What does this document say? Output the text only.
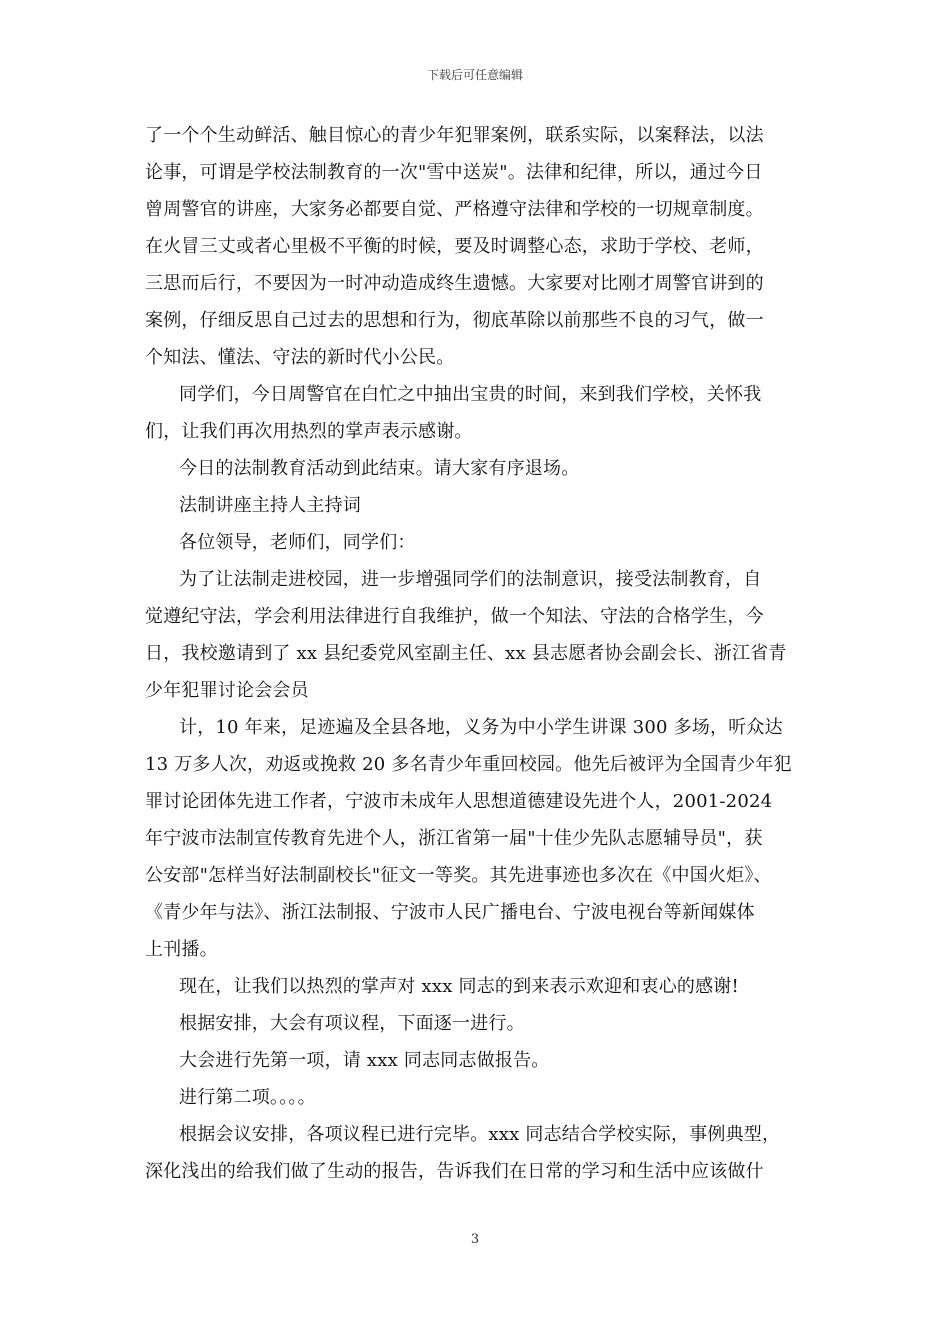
下载后可任意编辑
了一个个生动鲜活、触目惊心的青少年犯罪案例，联系实际，以案释法，以法
论事，可谓是学校法制教育的一次"雪中送炭"。法律和纪律，所以，通过今日
曾周警官的讲座，大家务必都要自觉、严格遵守法律和学校的一切规章制度。
在火冒三丈或者心里极不平衡的时候，要及时调整心态，求助于学校、老师，
三思而后行，不要因为一时冲动造成终生遗憾。大家要对比刚才周警官讲到的
案例，仔细反思自己过去的思想和行为，彻底革除以前那些不良的习气，做一
个知法、懂法、守法的新时代小公民。
同学们，今日周警官在白忙之中抽出宝贵的时间，来到我们学校，关怀我
们，让我们再次用热烈的掌声表示感谢。
今日的法制教育活动到此结束。请大家有序退场。
法制讲座主持人主持词
各位领导，老师们，同学们：
为了让法制走进校园，进一步增强同学们的法制意识，接受法制教育，自
觉遵纪守法，学会利用法律进行自我维护，做一个知法、守法的合格学生，今
日，我校邀请到了 xx 县纪委党风室副主任、xx 县志愿者协会副会长、浙江省青
少年犯罪讨论会会员
计，10 年来，足迹遍及全县各地，义务为中小学生讲课 300 多场，听众达
13 万多人次，劝返或挽救 20 多名青少年重回校园。他先后被评为全国青少年犯
罪讨论团体先进工作者，宁波市未成年人思想道德建设先进个人，2001-2024
年宁波市法制宣传教育先进个人，浙江省第一届"十佳少先队志愿辅导员"，获
公安部"怎样当好法制副校长"征文一等奖。其先进事迹也多次在《中国火炬》、
《青少年与法》、浙江法制报、宁波市人民广播电台、宁波电视台等新闻媒体
上刊播。
现在，让我们以热烈的掌声对 xxx 同志的到来表示欢迎和衷心的感谢!
根据安排，大会有项议程，下面逐一进行。
大会进行先第一项，请 xxx 同志同志做报告。
进行第二项。。。。
根据会议安排，各项议程已进行完毕。xxx 同志结合学校实际，事例典型，
深化浅出的给我们做了生动的报告，告诉我们在日常的学习和生活中应该做什
3
